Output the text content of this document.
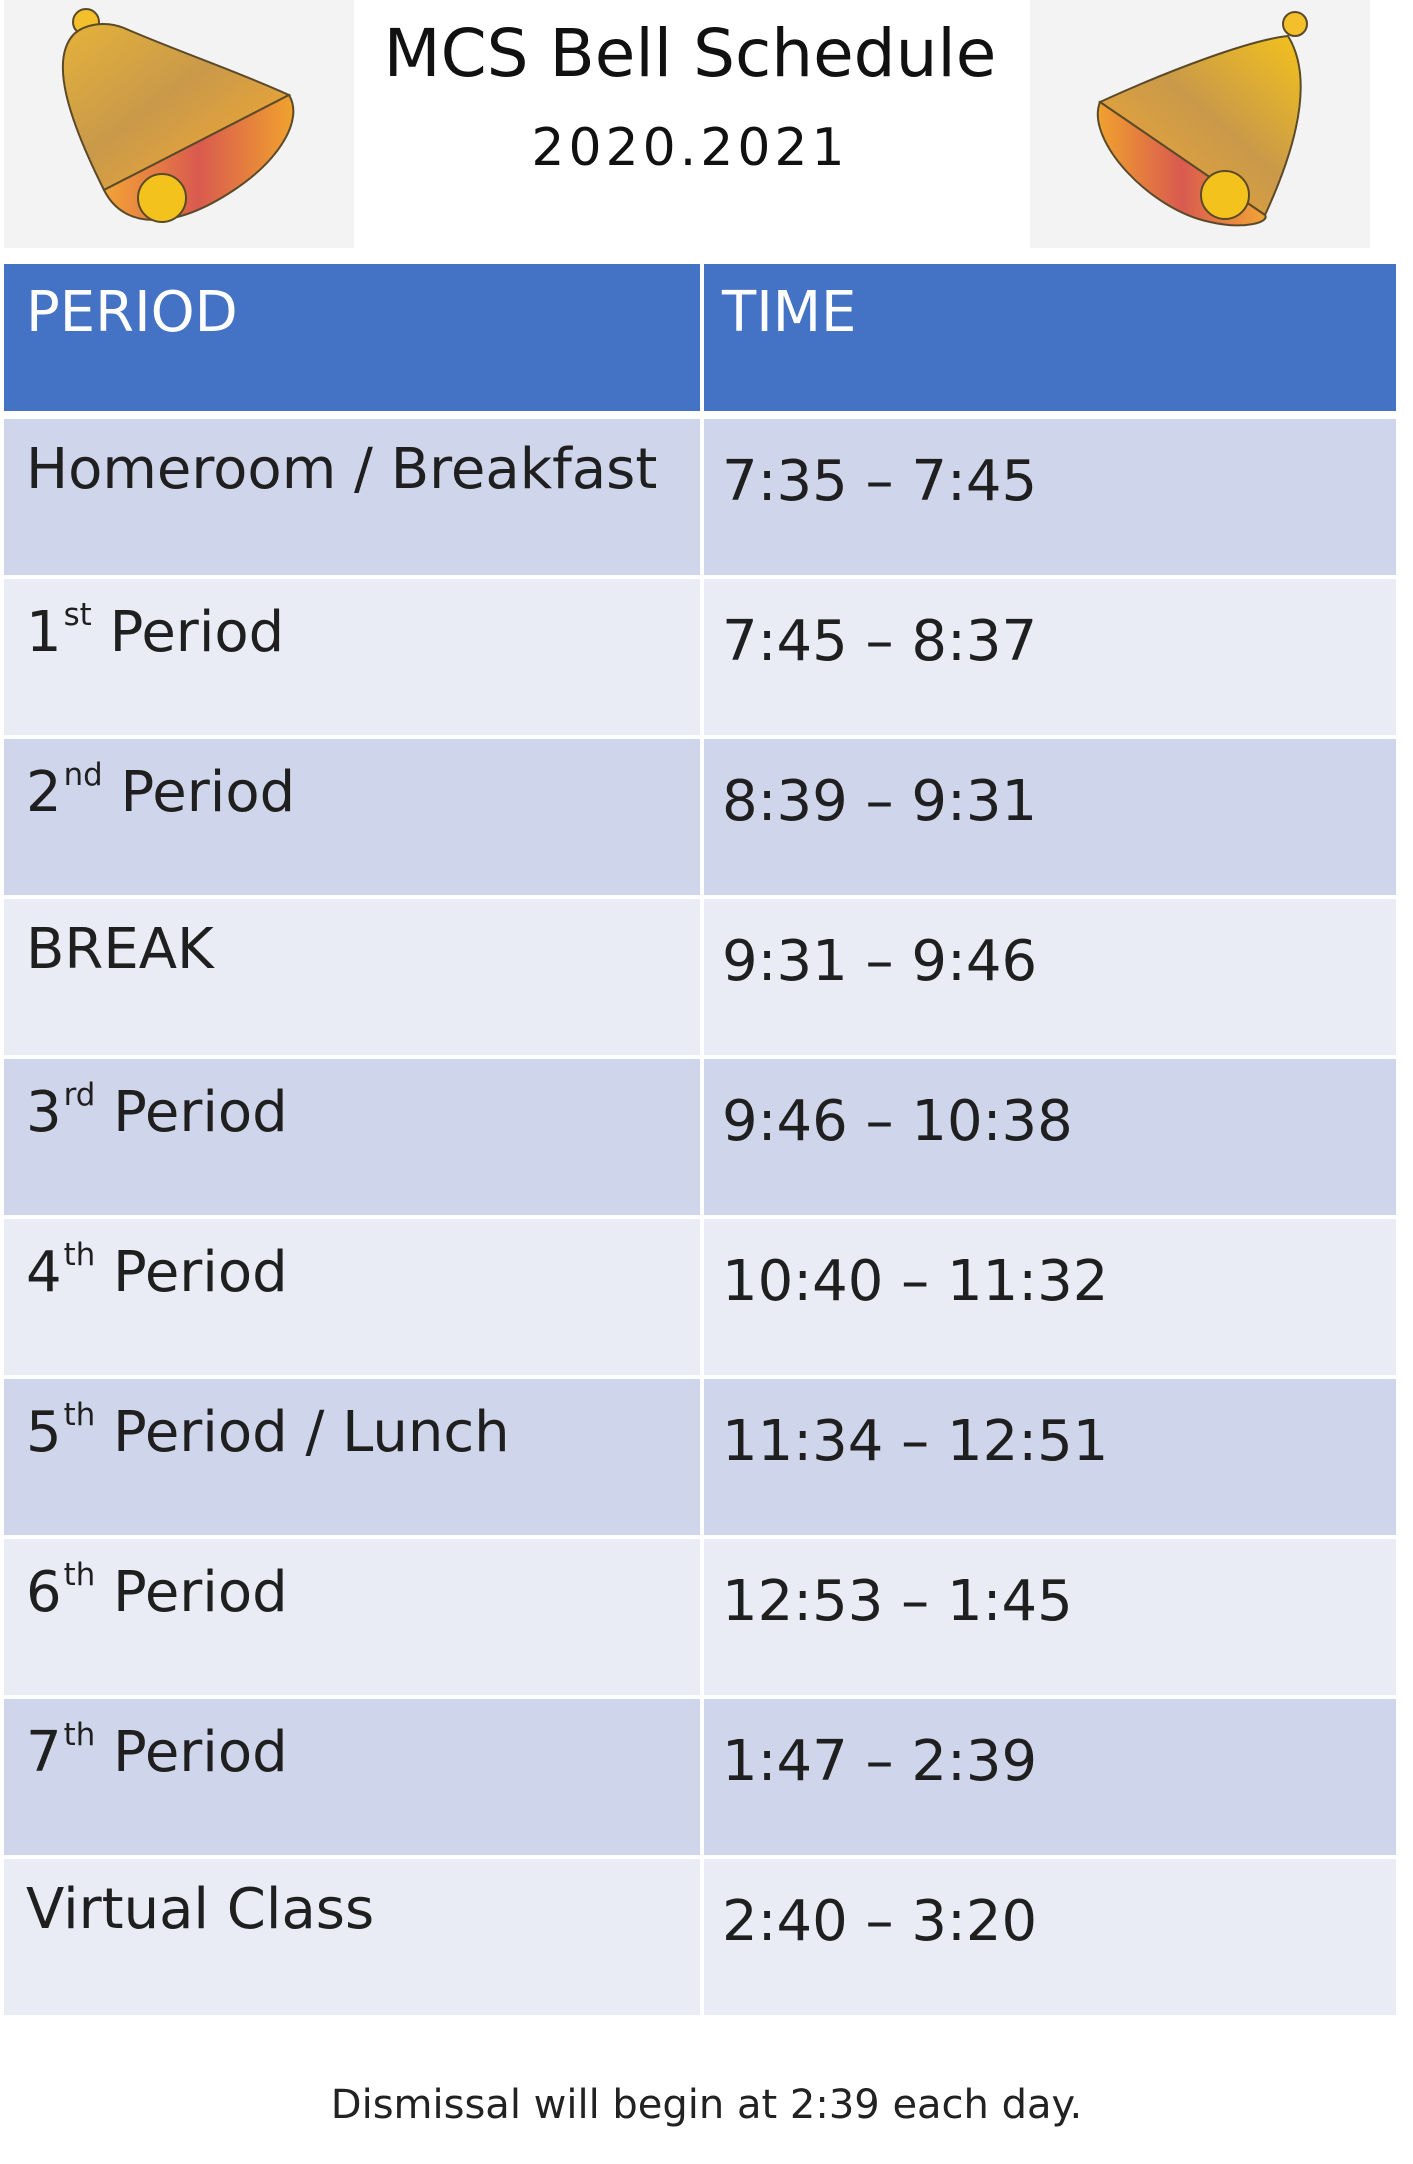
MCS Bell Schedule
2020.2021
PERIOD	TIME
Homeroom / Breakfast	7:35 – 7:45
1st Period	7:45 – 8:37
2nd Period	8:39 – 9:31
BREAK	9:31 – 9:46
3rd Period	9:46 – 10:38
4th Period	10:40 – 11:32
5th Period / Lunch	11:34 – 12:51
6th Period	12:53 – 1:45
7th Period	1:47 – 2:39
Virtual Class	2:40 – 3:20
Dismissal will begin at 2:39 each day.
